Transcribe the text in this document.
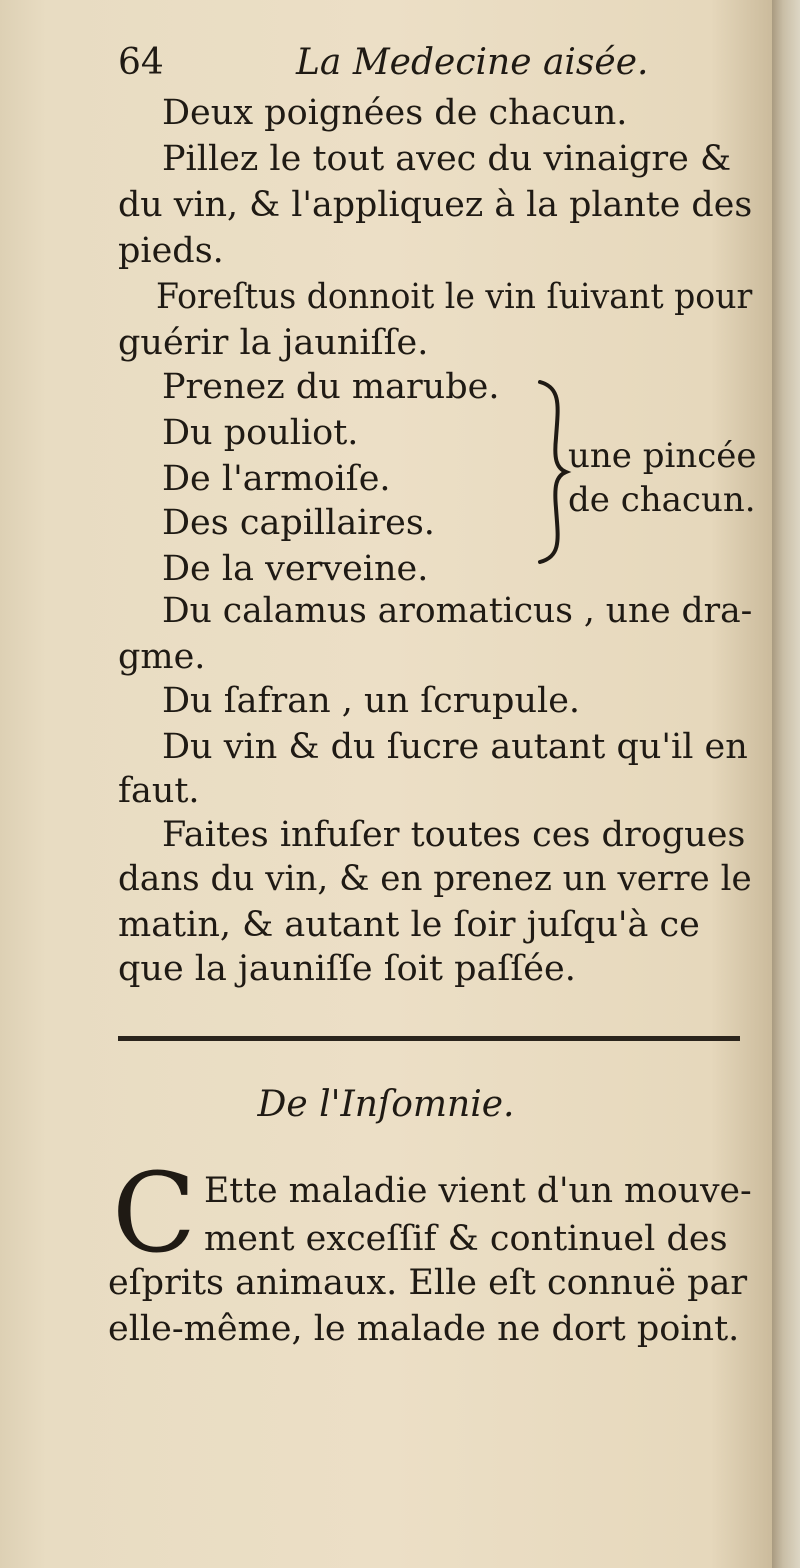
64	La Medecine aisée.

Deux poignées de chacun.

Pillez le tout avec du vinaigre &

du vin, & l'appliquez à la plante des

pieds.

Foreſtus donnoit le vin ſuivant pour

guérir la jauniſſe.

Prenez du marube.

Du pouliot.

De l'armoiſe.

Des capillaires.

De la verveine.

une pincée
de chacun.

Du calamus aromaticus , une dra-

gme.

Du ſafran , un ſcrupule.

Du vin & du ſucre autant qu'il en

faut.

Faites infuſer toutes ces drogues

dans du vin, & en prenez un verre le

matin, & autant le ſoir juſqu'à ce

que la jauniſſe ſoit paſſée.

De l'Inſomnie.
C Ette maladie vient d'un mouve-

ment exceſſif & continuel des

eſprits animaux. Elle eſt connuë par

elle-même, le malade ne dort point.
